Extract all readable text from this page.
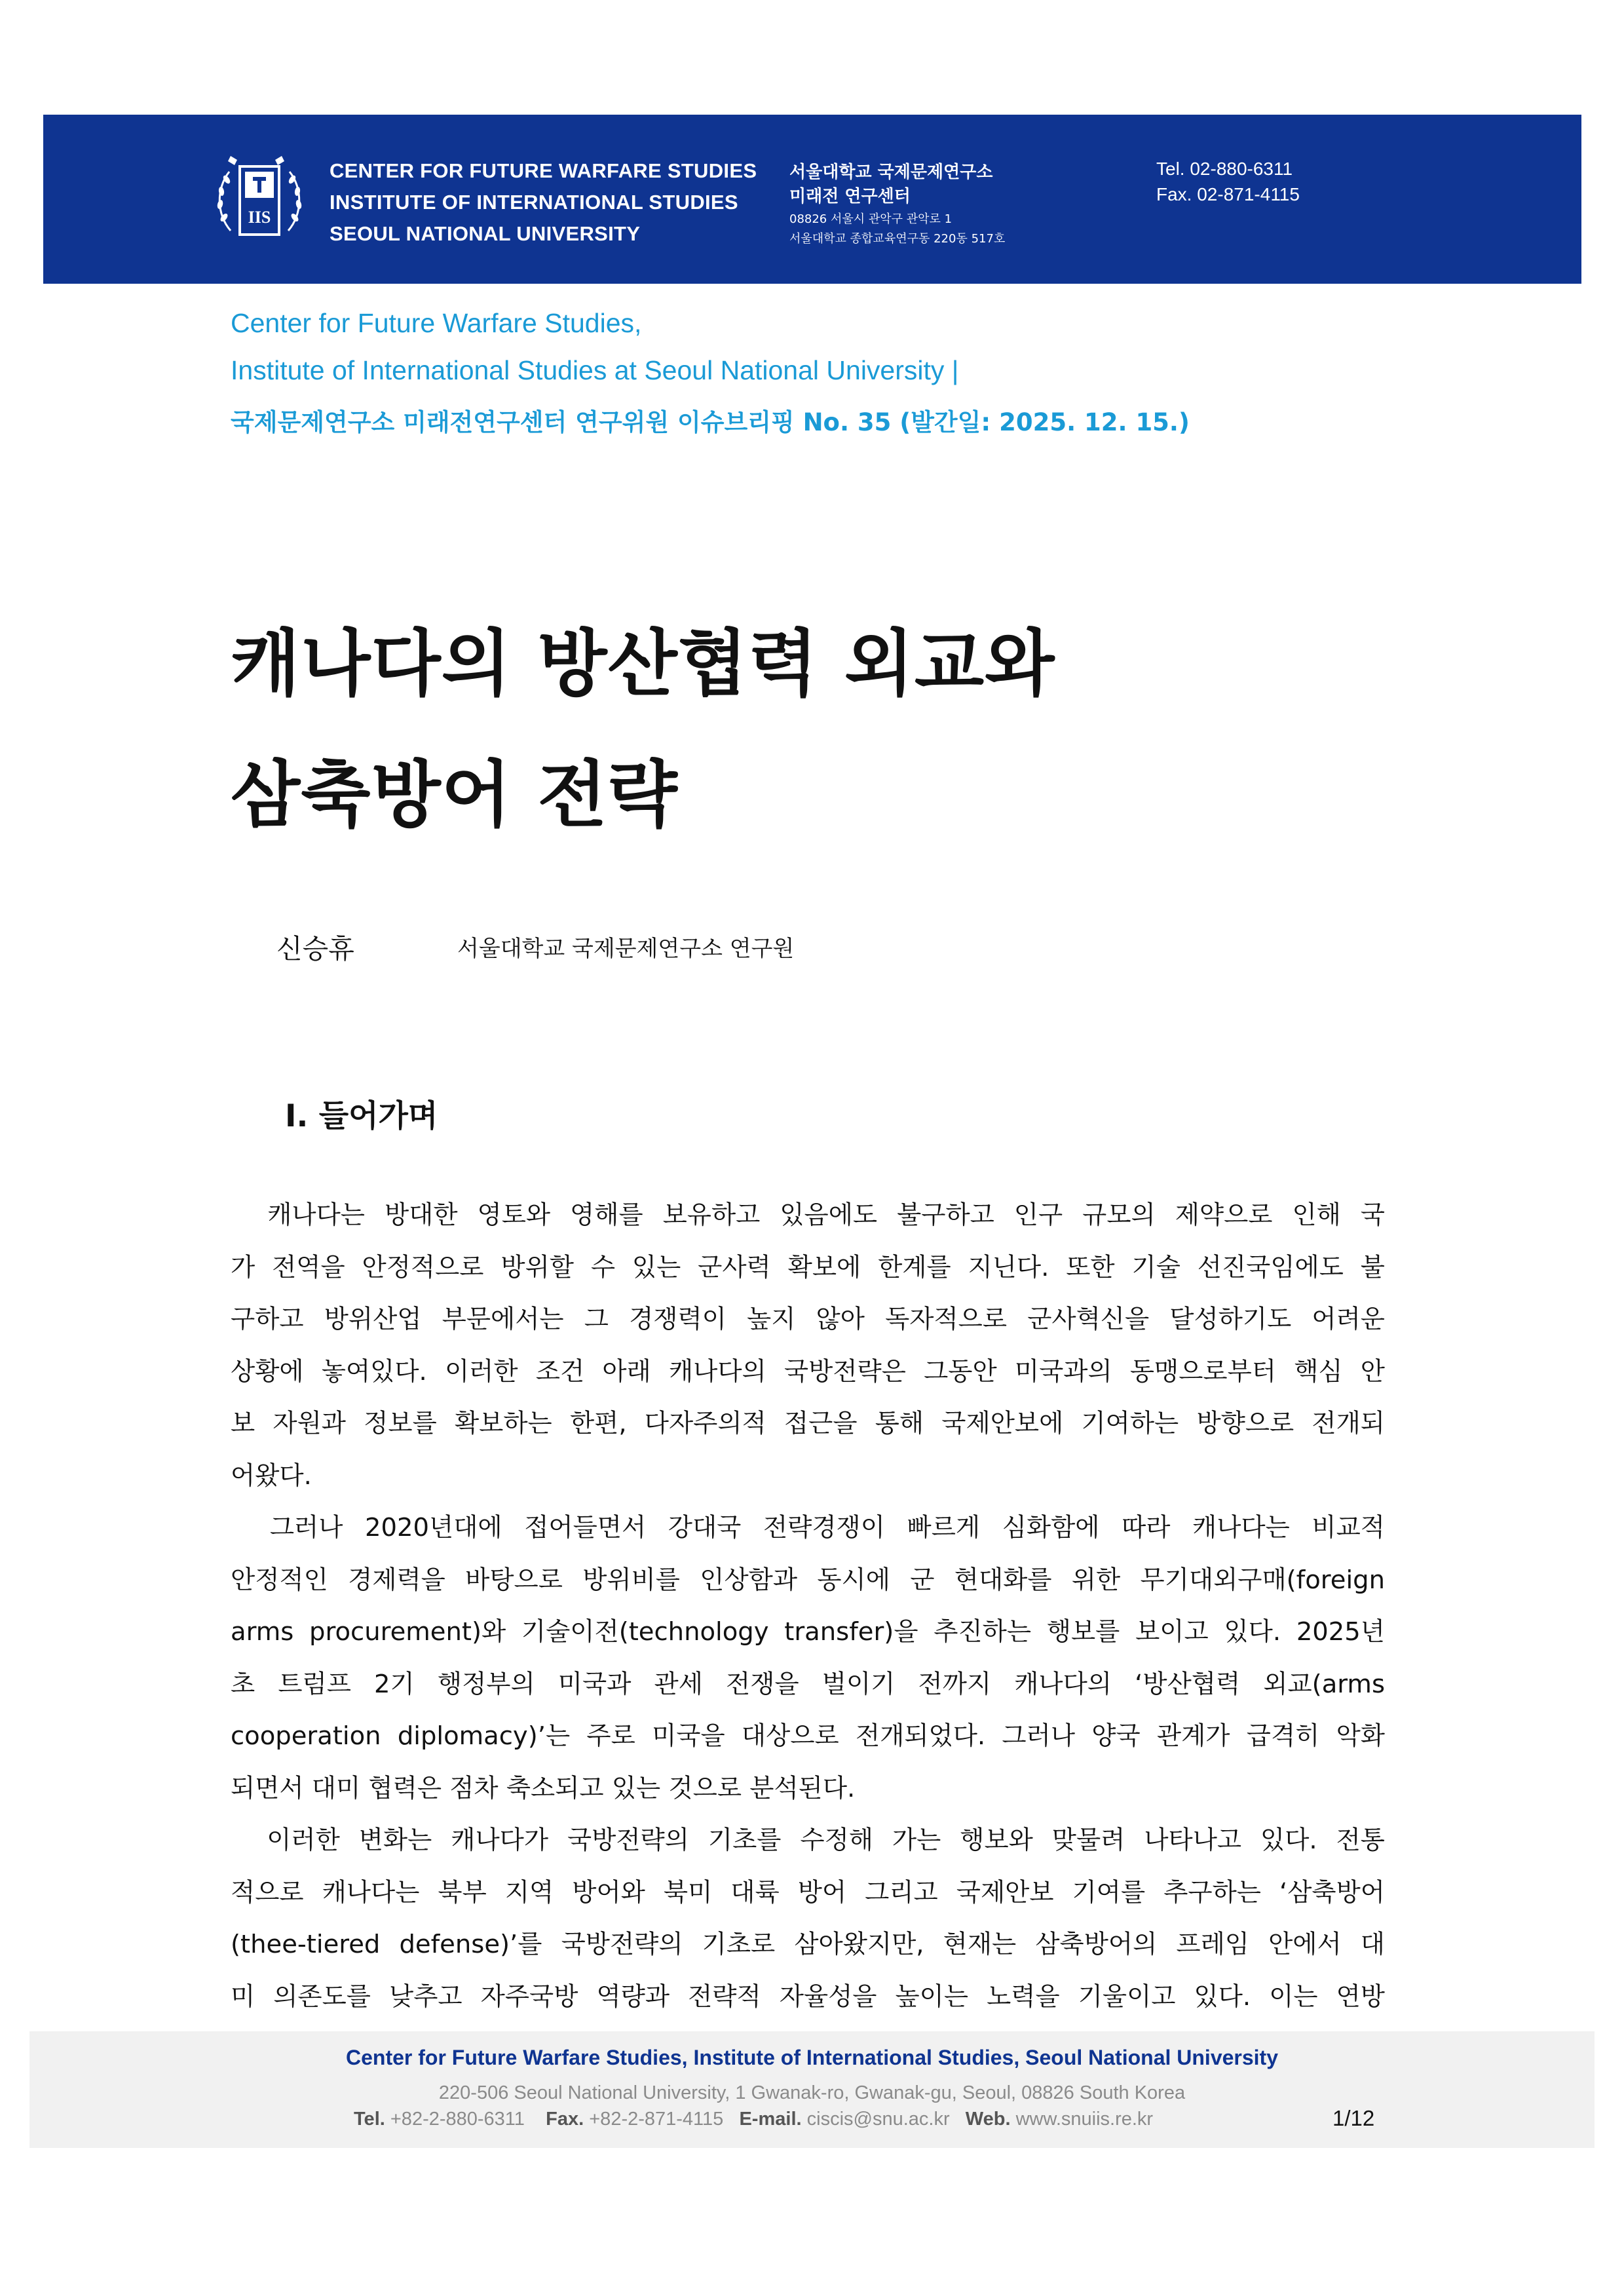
IIS
CENTER FOR FUTURE WARFARE STUDIES
INSTITUTE OF INTERNATIONAL STUDIES
SEOUL NATIONAL UNIVERSITY
서울대학교 국제문제연구소
미래전 연구센터
08826 서울시 관악구 관악로 1
서울대학교 종합교육연구동 220동 517호
Tel. 02-880-6311
Fax. 02-871-4115
Center for Future Warfare Studies,
Institute of International Studies at Seoul National University |
국제문제연구소 미래전연구센터 연구위원 이슈브리핑 No. 35 (발간일: 2025. 12. 15.)
캐나다의 방산협력 외교와
삼축방어 전략
신승휴	서울대학교 국제문제연구소 연구원
Ⅰ. 들어가며
　캐나다는 방대한 영토와 영해를 보유하고 있음에도 불구하고 인구 규모의 제약으로 인해 국
가 전역을 안정적으로 방위할 수 있는 군사력 확보에 한계를 지닌다. 또한 기술 선진국임에도 불
구하고 방위산업 부문에서는 그 경쟁력이 높지 않아 독자적으로 군사혁신을 달성하기도 어려운
상황에 놓여있다. 이러한 조건 아래 캐나다의 국방전략은 그동안 미국과의 동맹으로부터 핵심 안
보 자원과 정보를 확보하는 한편, 다자주의적 접근을 통해 국제안보에 기여하는 방향으로 전개되
어왔다.
　그러나 2020년대에 접어들면서 강대국 전략경쟁이 빠르게 심화함에 따라 캐나다는 비교적
안정적인 경제력을 바탕으로 방위비를 인상함과 동시에 군 현대화를 위한 무기대외구매(foreign
arms procurement)와 기술이전(technology transfer)을 추진하는 행보를 보이고 있다. 2025년
초 트럼프 2기 행정부의 미국과 관세 전쟁을 벌이기 전까지 캐나다의 ‘방산협력 외교(arms
cooperation diplomacy)’는 주로 미국을 대상으로 전개되었다. 그러나 양국 관계가 급격히 악화
되면서 대미 협력은 점차 축소되고 있는 것으로 분석된다.
　이러한 변화는 캐나다가 국방전략의 기초를 수정해 가는 행보와 맞물려 나타나고 있다. 전통
적으로 캐나다는 북부 지역 방어와 북미 대륙 방어 그리고 국제안보 기여를 추구하는 ‘삼축방어
(thee-tiered defense)’를 국방전략의 기초로 삼아왔지만, 현재는 삼축방어의 프레임 안에서 대
미 의존도를 낮추고 자주국방 역량과 전략적 자율성을 높이는 노력을 기울이고 있다. 이는 연방
Center for Future Warfare Studies, Institute of International Studies, Seoul National University
220-506 Seoul National University, 1 Gwanak-ro, Gwanak-gu, Seoul, 08826 South Korea
Tel. +82-2-880-6311 Fax. +82-2-871-4115 E-mail. ciscis@snu.ac.kr Web. www.snuiis.re.kr	1/12
